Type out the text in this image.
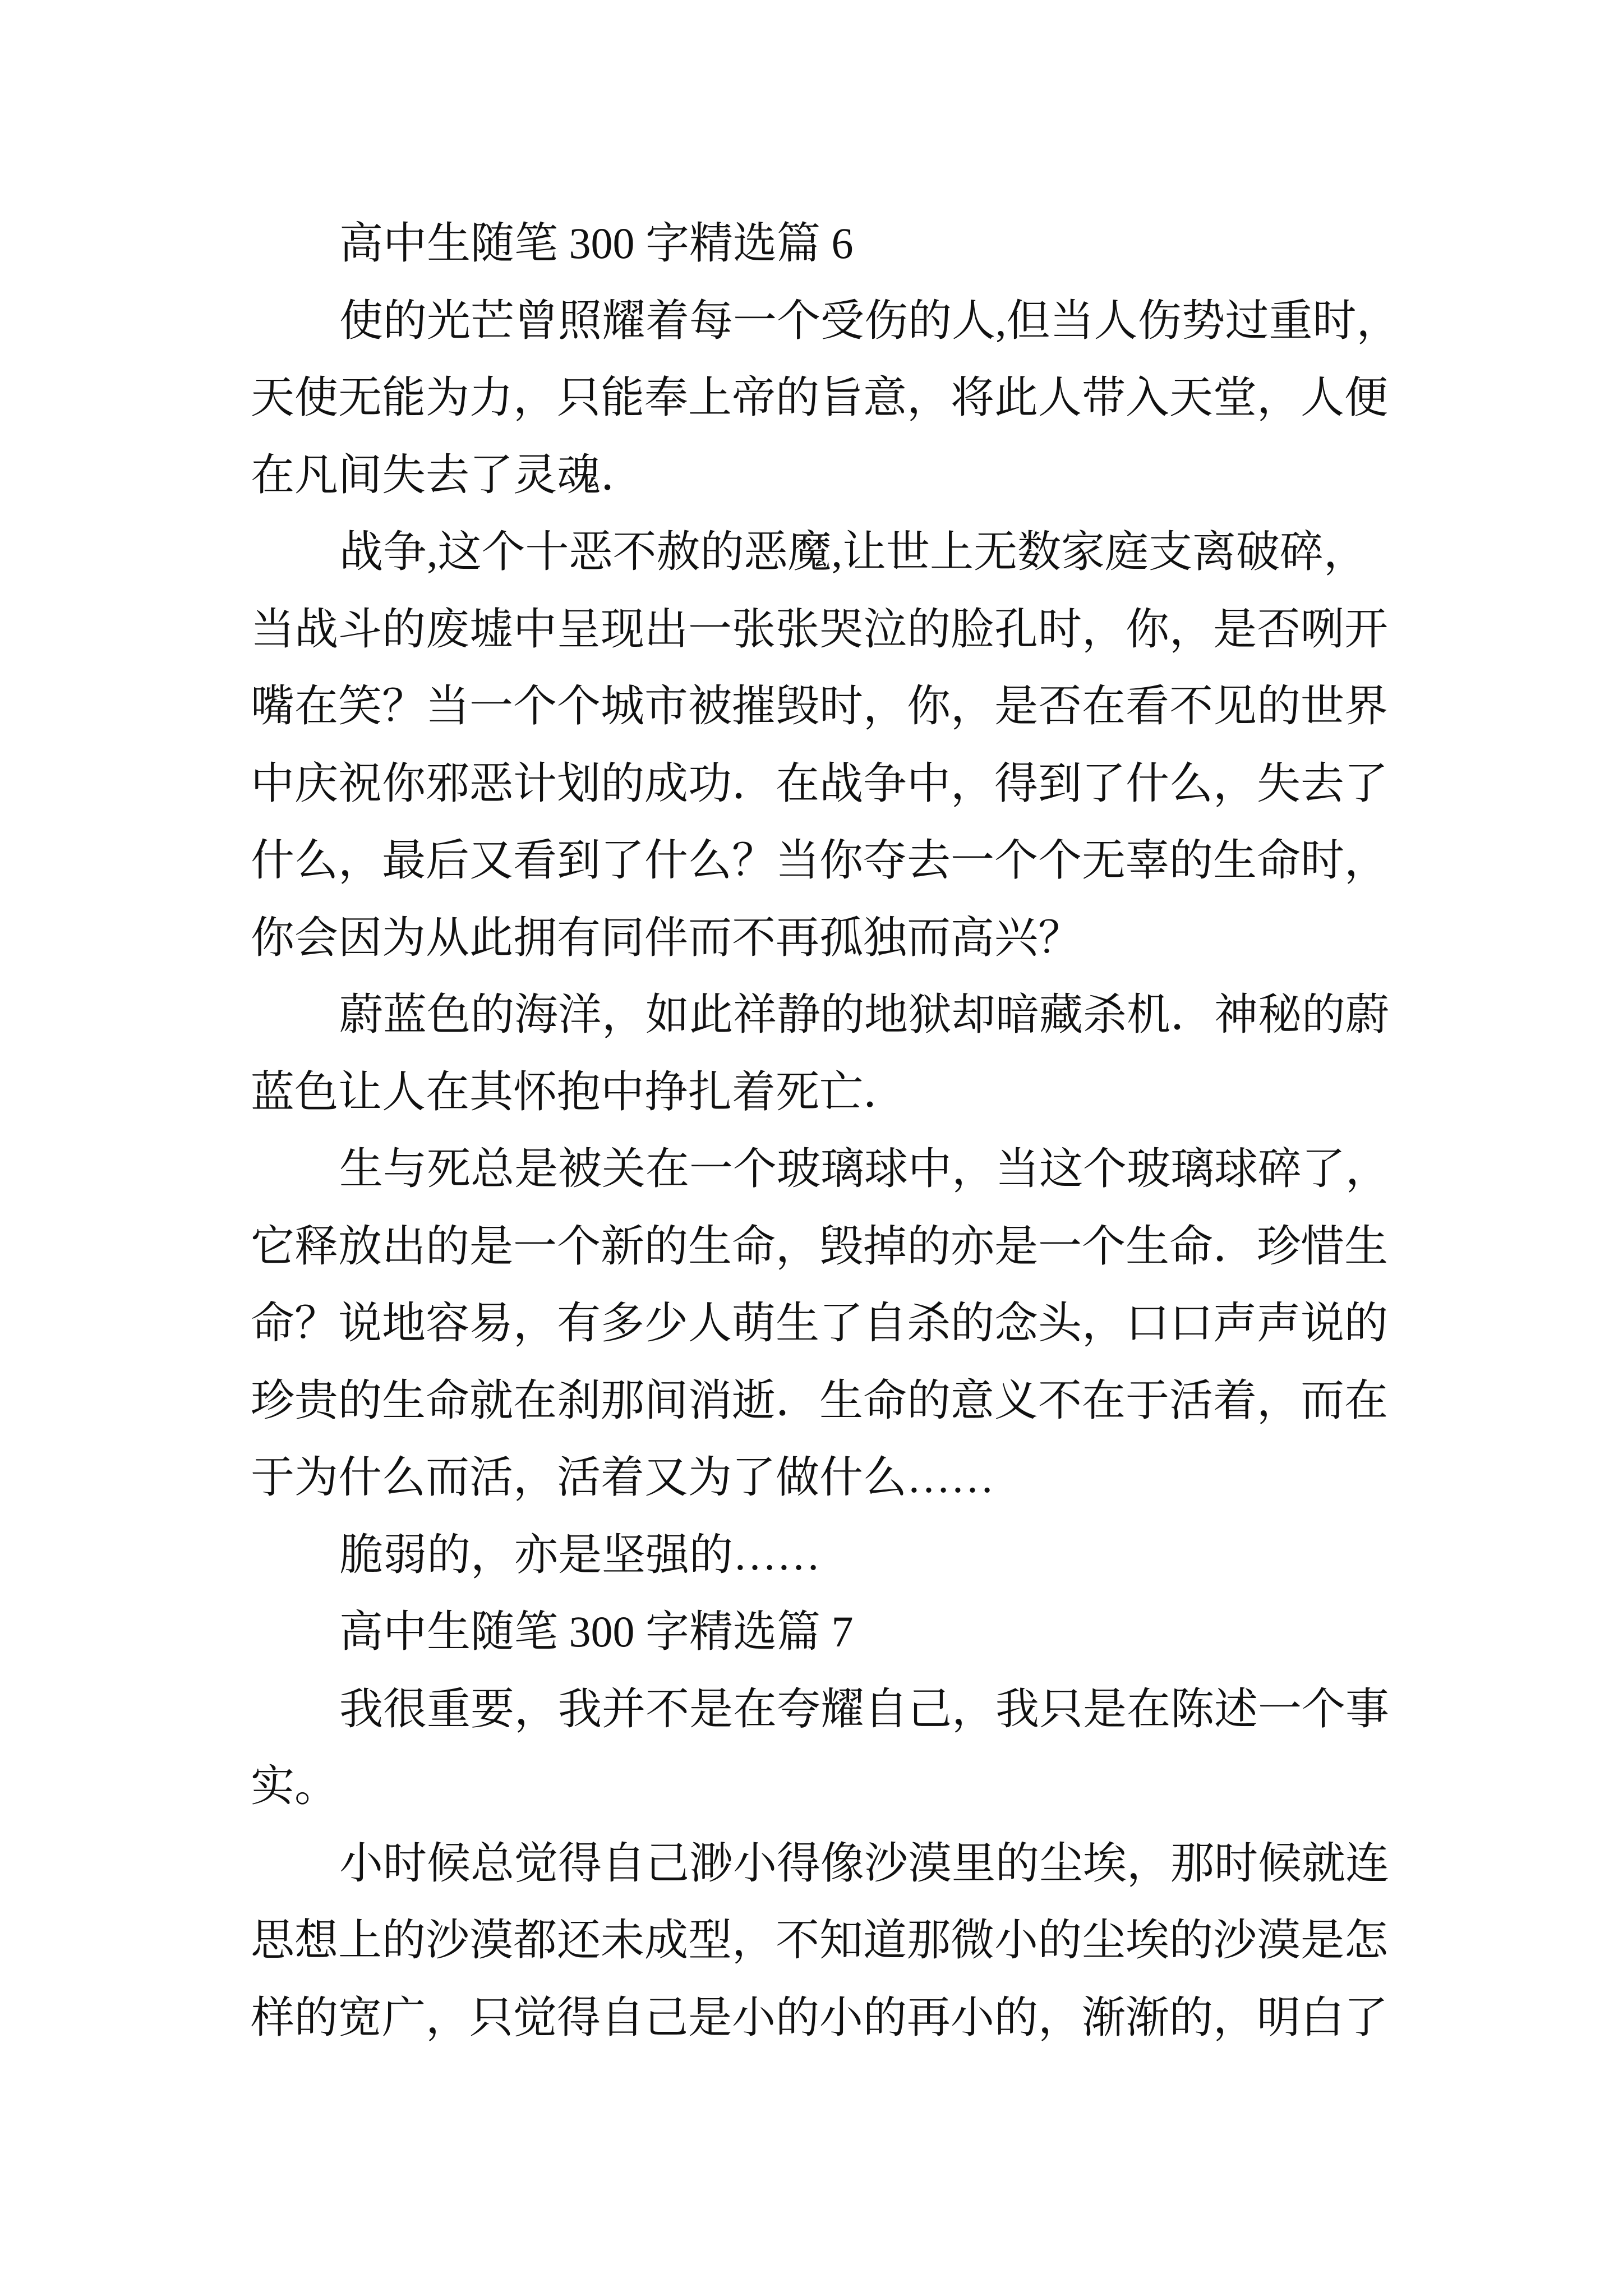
高中生随笔 300 字精选篇 6
使的光芒曾照耀着每一个受伤的人,但当人伤势过重时，
天使无能为力，只能奉上帝的旨意，将此人带入天堂，人便
在凡间失去了灵魂．
战争,这个十恶不赦的恶魔,让世上无数家庭支离破碎，
当战斗的废墟中呈现出一张张哭泣的脸孔时，你，是否咧开
嘴在笑？当一个个城市被摧毁时，你，是否在看不见的世界
中庆祝你邪恶计划的成功．在战争中，得到了什么，失去了
什么，最后又看到了什么？当你夺去一个个无辜的生命时，
你会因为从此拥有同伴而不再孤独而高兴？
蔚蓝色的海洋，如此祥静的地狱却暗藏杀机．神秘的蔚
蓝色让人在其怀抱中挣扎着死亡．
生与死总是被关在一个玻璃球中，当这个玻璃球碎了，
它释放出的是一个新的生命，毁掉的亦是一个生命．珍惜生
命？说地容易，有多少人萌生了自杀的念头，口口声声说的
珍贵的生命就在刹那间消逝．生命的意义不在于活着，而在
于为什么而活，活着又为了做什么……
脆弱的，亦是坚强的……
高中生随笔 300 字精选篇 7
我很重要，我并不是在夸耀自己，我只是在陈述一个事
实。
小时候总觉得自己渺小得像沙漠里的尘埃，那时候就连
思想上的沙漠都还未成型，不知道那微小的尘埃的沙漠是怎
样的宽广，只觉得自己是小的小的再小的，渐渐的，明白了
